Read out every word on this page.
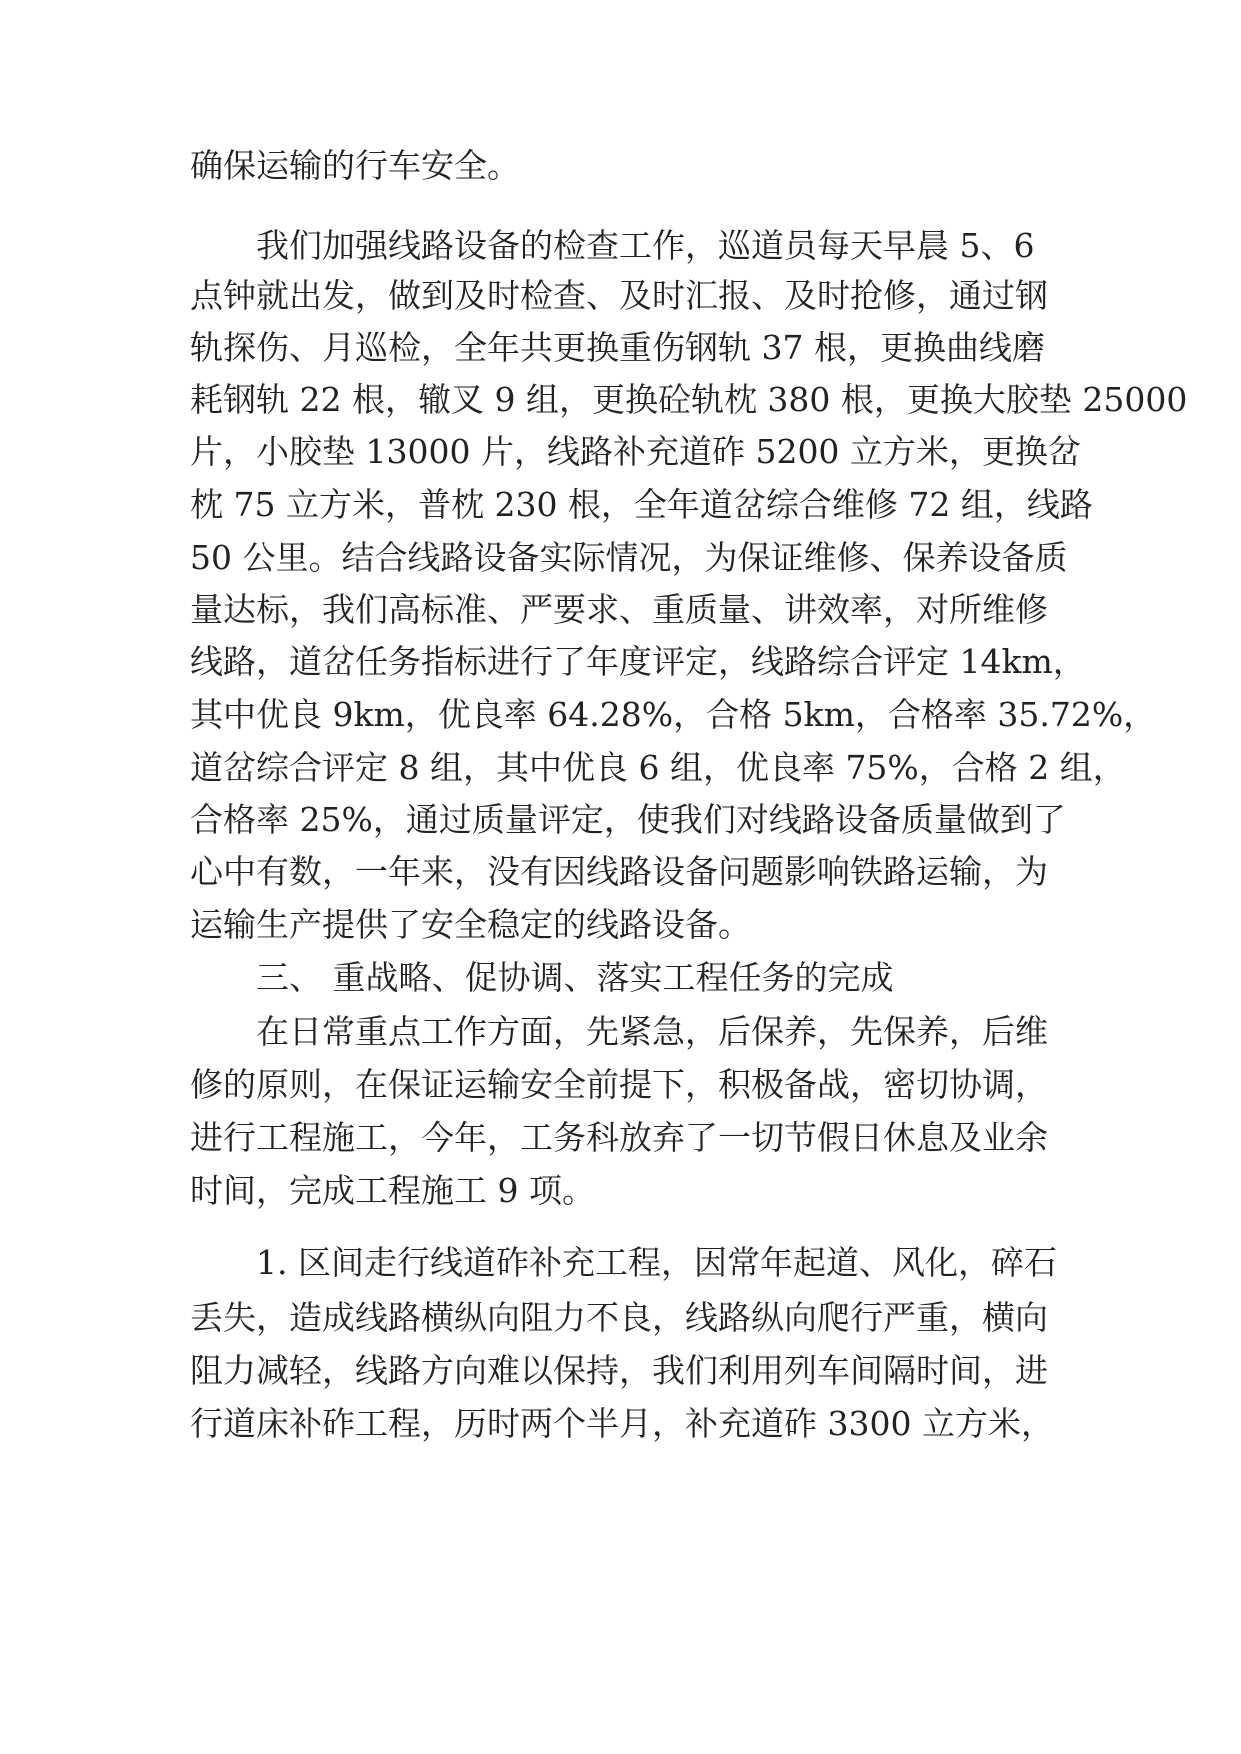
确保运输的行车安全。
我们加强线路设备的检查工作，巡道员每天早晨 5、6
点钟就出发，做到及时检查、及时汇报、及时抢修，通过钢
轨探伤、月巡检，全年共更换重伤钢轨 37 根，更换曲线磨
耗钢轨 22 根，辙叉 9 组，更换砼轨枕 380 根，更换大胶垫 25000
片，小胶垫 13000 片，线路补充道砟 5200 立方米，更换岔
枕 75 立方米，普枕 230 根，全年道岔综合维修 72 组，线路
50 公里。结合线路设备实际情况，为保证维修、保养设备质
量达标，我们高标准、严要求、重质量、讲效率，对所维修
线路，道岔任务指标进行了年度评定，线路综合评定 14km，
其中优良 9km，优良率 64.28%，合格 5km，合格率 35.72%，
道岔综合评定 8 组，其中优良 6 组，优良率 75%，合格 2 组，
合格率 25%，通过质量评定，使我们对线路设备质量做到了
心中有数，一年来，没有因线路设备问题影响铁路运输，为
运输生产提供了安全稳定的线路设备。
三、 重战略、促协调、落实工程任务的完成
在日常重点工作方面，先紧急，后保养，先保养，后维
修的原则，在保证运输安全前提下，积极备战，密切协调，
进行工程施工，今年，工务科放弃了一切节假日休息及业余
时间，完成工程施工 9 项。
1. 区间走行线道砟补充工程，因常年起道、风化，碎石
丢失，造成线路横纵向阻力不良，线路纵向爬行严重，横向
阻力减轻，线路方向难以保持，我们利用列车间隔时间，进
行道床补砟工程，历时两个半月，补充道砟 3300 立方米，
